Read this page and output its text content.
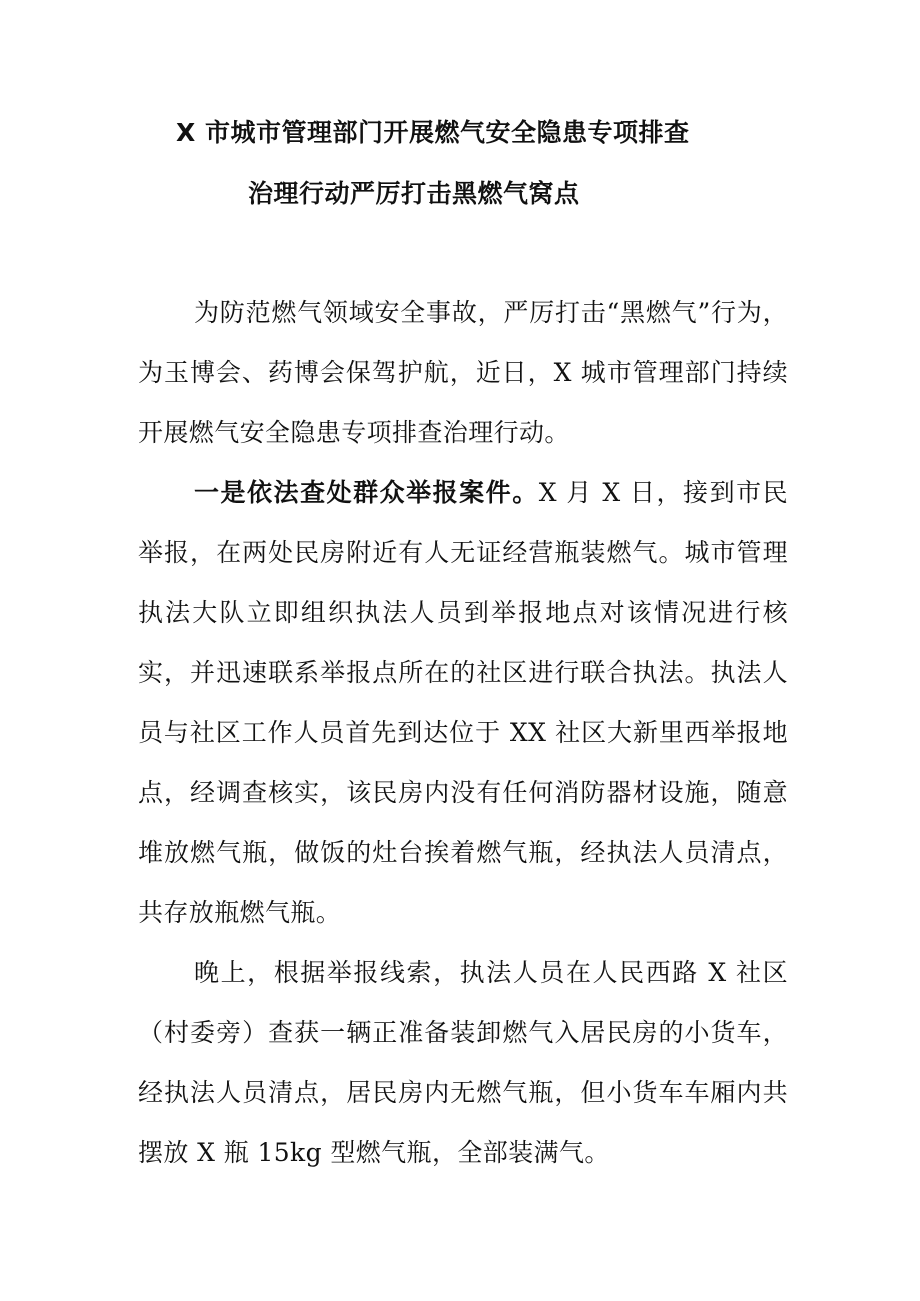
X 市城市管理部门开展燃气安全隐患专项排查
治理行动严厉打击黑燃气窝点

为防范燃气领域安全事故，严厉打击“黑燃气”行为，为玉博会、药博会保驾护航，近日，X 城市管理部门持续开展燃气安全隐患专项排查治理行动。

一是依法查处群众举报案件。X 月 X 日，接到市民举报，在两处民房附近有人无证经营瓶装燃气。城市管理执法大队立即组织执法人员到举报地点对该情况进行核实，并迅速联系举报点所在的社区进行联合执法。执法人员与社区工作人员首先到达位于 XX 社区大新里西举报地点，经调查核实，该民房内没有任何消防器材设施，随意堆放燃气瓶，做饭的灶台挨着燃气瓶，经执法人员清点，共存放瓶燃气瓶。

晚上，根据举报线索，执法人员在人民西路 X 社区（村委旁）查获一辆正准备装卸燃气入居民房的小货车，经执法人员清点，居民房内无燃气瓶，但小货车车厢内共摆放 X 瓶 15kg 型燃气瓶，全部装满气。
